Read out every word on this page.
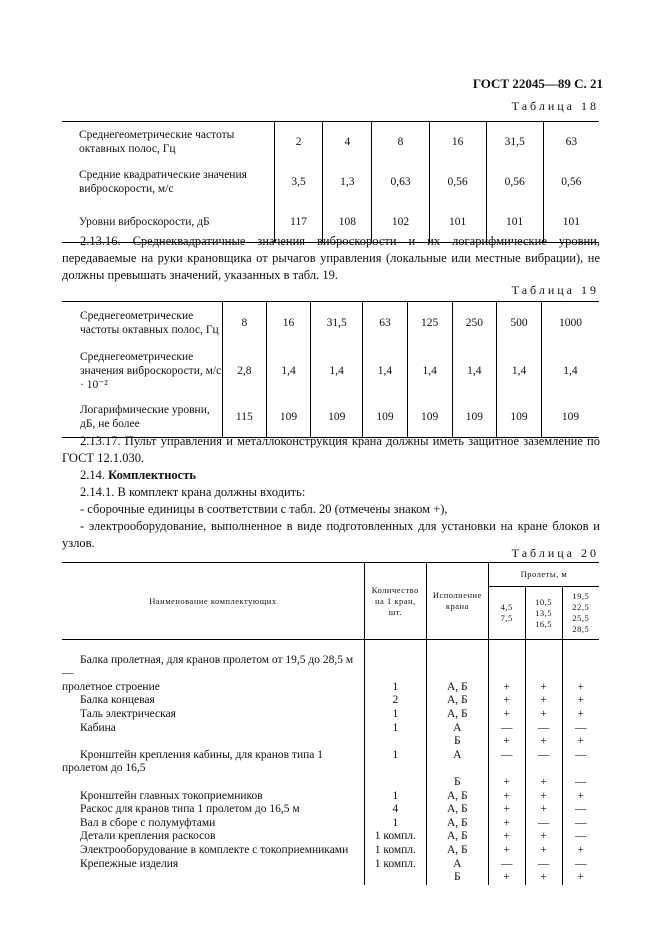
ГОСТ 22045—89 С. 21
Таблица 18
Среднегеометрические частоты октавных полос, Гц	2	4	8	16	31,5	63
Средние квадратические значения виброскорости, м/с	3,5	1,3	0,63	0,56	0,56	0,56
Уровни виброскорости, дБ	117	108	102	101	101	101

2.13.16. Среднеквадратичные значения виброскорости и их логарифмические уровни, передаваемые на руки крановщика от рычагов управления (локальные или местные вибрации), не должны превышать значений, указанных в табл. 19.

Таблица 19
Среднегеометрические частоты октавных полос, Гц	8	16	31,5	63	125	250	500	1000
Среднегеометрические значения виброскорости, м/с · 10⁻²	2,8	1,4	1,4	1,4	1,4	1,4	1,4	1,4
Логарифмические уровни, дБ, не более	115	109	109	109	109	109	109	109

2.13.17. Пульт управления и металлоконструкция крана должны иметь защитное заземление по ГОСТ 12.1.030.

2.14. Комплектность

2.14.1. В комплект крана должны входить:

- сборочные единицы в соответствии с табл. 20 (отмечены знаком +),

- электрооборудование, выполненное в виде подготовленных для установки на кране блоков и узлов.

Таблица 20
Наименование комплектующих	Количество на 1 кран, шт.	Исполнение крана	Пролеты, м		
			4,5 7,5	10,5 13,5 16,5	19,5 22,5 25,5 28,5

Балка пролетная, для кранов пролетом от 19,5 до 28,5 м —					
пролетное строение	1	А, Б	+	+	+
Балка концевая	2	А, Б	+	+	+
Таль электрическая	1	А, Б	+	+	+
Кабина	1	А	—	—	—
		Б	+	+	+
Кронштейн крепления кабины, для кранов типа 1 пролетом до 16,5	1	А	—	—	—
		Б	+	+	—
Кронштейн главных токоприемников	1	А, Б	+	+	+
Раскос для кранов типа 1 пролетом до 16,5 м	4	А, Б	+	+	—
Вал в сборе с полумуфтами	1	А, Б	+	—	—
Детали крепления раскосов	1 компл.	А, Б	+	+	—
Электрооборудование в комплекте с токоприемниками	1 компл.	А, Б	+	+	+
Крепежные изделия	1 компл.	А	—	—	—
		Б	+	+	+
